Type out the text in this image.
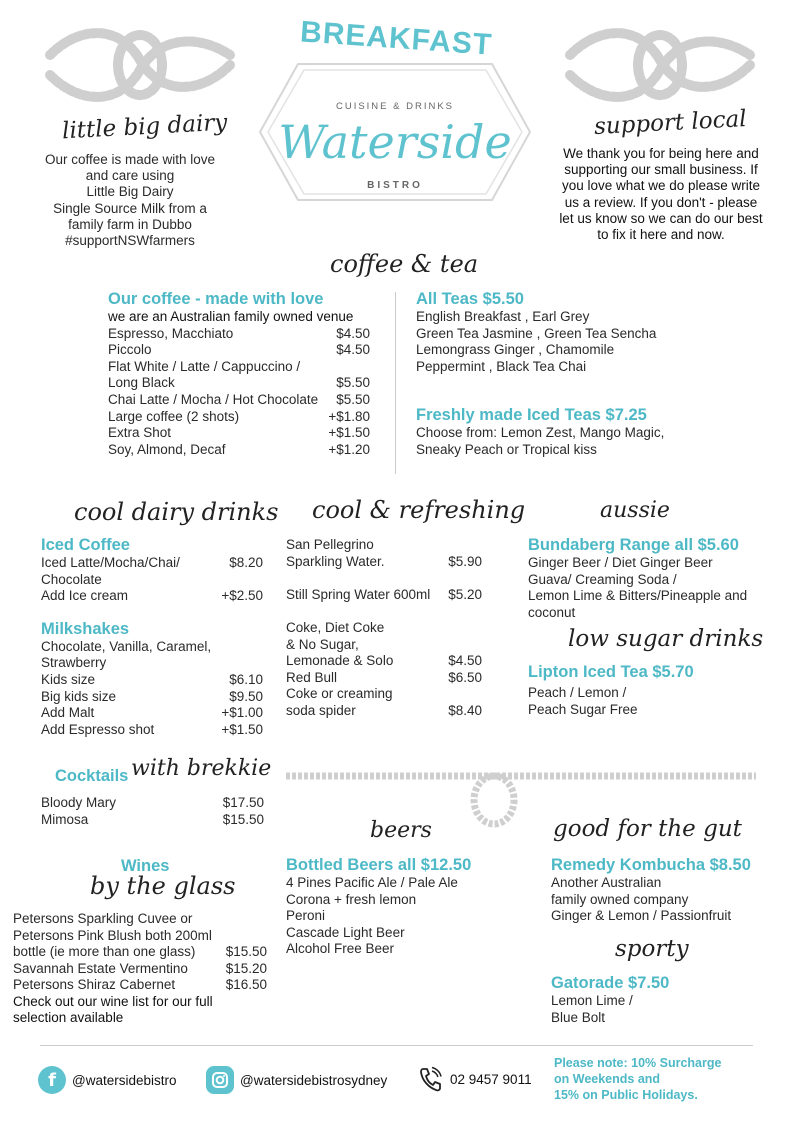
BREAKFAST
CUISINE & DRINKS
Waterside
BISTRO
little big dairy
Our coffee is made with love
and care using
Little Big Dairy
Single Source Milk from a
family farm in Dubbo
#supportNSWfarmers
support local
We thank you for being here and supporting our small business. If you love what we do please write us a review. If you don't - please let us know so we can do our best to fix it here and now.
coffee & tea
Our coffee - made with love
we are an Australian family owned venue
Espresso, Macchiato	$4.50
Piccolo	$4.50
Flat White / Latte / Cappuccino /
Long Black	$5.50
Chai Latte / Mocha / Hot Chocolate $5.50
Large coffee (2 shots)	+$1.80
Extra Shot	+$1.50
Soy, Almond, Decaf	+$1.20
All Teas $5.50
English Breakfast , Earl Grey
Green Tea Jasmine , Green Tea Sencha
Lemongrass Ginger , Chamomile
Peppermint , Black Tea Chai
Freshly made Iced Teas $7.25
Choose from: Lemon Zest, Mango Magic,
Sneaky Peach or Tropical kiss
cool dairy drinks
Iced Coffee
Iced Latte/Mocha/Chai/	$8.20
Chocolate
Add Ice cream	+$2.50
Milkshakes
Chocolate, Vanilla, Caramel,
Strawberry
Kids size	$6.10
Big kids size	$9.50
Add Malt	+$1.00
Add Espresso shot	+$1.50
Cocktails with brekkie
Bloody Mary	$17.50
Mimosa	$15.50
Wines
by the glass
Petersons Sparkling Cuvee or
Petersons Pink Blush both 200ml
bottle (ie more than one glass) $15.50
Savannah Estate Vermentino	$15.20
Petersons Shiraz Cabernet	$16.50
Check out our wine list for our full selection available
cool & refreshing
San Pellegrino
Sparkling Water.	$5.90
Still Spring Water 600ml $5.20
Coke, Diet Coke
& No Sugar,
Lemonade & Solo	$4.50
Red Bull	$6.50
Coke or creaming
soda spider	$8.40
aussie
Bundaberg Range all $5.60
Ginger Beer / Diet Ginger Beer
Guava/ Creaming Soda /
Lemon Lime & Bitters/Pineapple and
coconut
low sugar drinks
Lipton Iced Tea $5.70
Peach / Lemon /
Peach Sugar Free
beers
Bottled Beers all $12.50
4 Pines Pacific Ale / Pale Ale
Corona + fresh lemon
Peroni
Cascade Light Beer
Alcohol Free Beer
good for the gut
Remedy Kombucha $8.50
Another Australian
family owned company
Ginger & Lemon / Passionfruit
sporty
Gatorade $7.50
Lemon Lime /
Blue Bolt
f	@watersidebistro	@watersidebistrosydney	02 9457 9011
Please note: 10% Surcharge
on Weekends and
15% on Public Holidays.
